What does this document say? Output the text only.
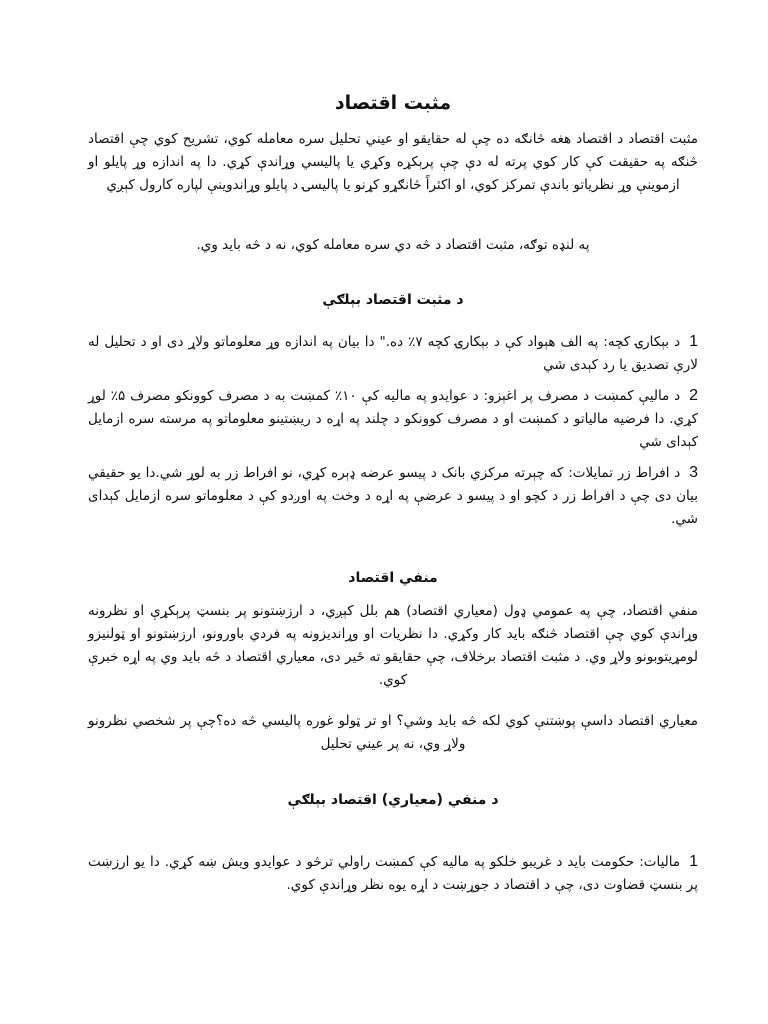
مثبت اقتصاد

مثبت اقتصاد د اقتصاد هغه څانګه ده چې له حقایقو او عیني تحلیل سره معامله کوي، تشریح کوي چې اقتصاد څنګه په حقیقت کې کار کوي پرته له دې چې پرېکړه وکړي یا پالیسي وړاندې کړي. دا په اندازه وړ پایلو او ازموینې وړ نظریاتو باندې تمرکز کوي، او اکثراً څانګړو کړنو یا پالیسۍ د پایلو وړاندوینې لپاره کارول کېږي

په لنډه توګه، مثبت اقتصاد د څه دي سره معامله کوي، نه د څه باید وي.

د مثبت اقتصاد بېلګې

1 د بېکارۍ کچه: په الف هېواد کې د بېکارۍ کچه ۷٪ ده." دا بیان په اندازه وړ معلوماتو ولاړ دی او د تحلیل له لارې تصدیق یا رد کېدی شي

2 د مالیې کمښت د مصرف پر اغېزو: د عوایدو په مالیه کې ۱۰٪ کمښت به د مصرف کوونکو مصرف ۵٪ لوړ کړي. دا فرضیه مالیاتو د کمښت او د مصرف کوونکو د چلند په اړه د ریښتینو معلوماتو په مرسته سره ازمایل کېدای شي

3 د افراط زر تمایلات: که چېرته مرکزي بانک د پیسو عرضه ډېره کړي، نو افراط زر به لوړ شي.دا یو حقیقي بیان دی چې د افراط زر د کچو او د پیسو د عرضې په اړه د وخت په اوږدو کې د معلوماتو سره ازمایل کېدای شي.

منفي اقتصاد

منفي اقتصاد، چې په عمومي ډول (معیاري اقتصاد) هم بلل کېږي، د ارزښتونو پر بنسټ پرېکړې او نظرونه وړاندې کوي چې اقتصاد څنګه باید کار وکړي. دا نظریات او وړاندیزونه په فردي باورونو، ارزښتونو او ټولنیزو لومړیتوبونو ولاړ وي. د مثبت اقتصاد برخلاف، چې حقایقو ته ځیر دی، معیاري اقتصاد د څه باید وي په اړه خبرې کوي.

معیاري اقتصاد داسې پوښتنې کوي لکه څه باید وشي؟ او تر ټولو غوره پالیسي څه ده؟چې پر شخصي نظرونو ولاړ وي، نه پر عیني تحلیل

د منفي (معیاري) اقتصاد بېلګې

1 مالیات: حکومت باید د غریبو خلکو په مالیه کې کمښت راولي ترڅو د عوایدو ویش ښه کړي. دا یو ارزښت پر بنسټ قضاوت دی، چې د اقتصاد د جوړښت د اړه یوه نظر وړاندې کوي.
